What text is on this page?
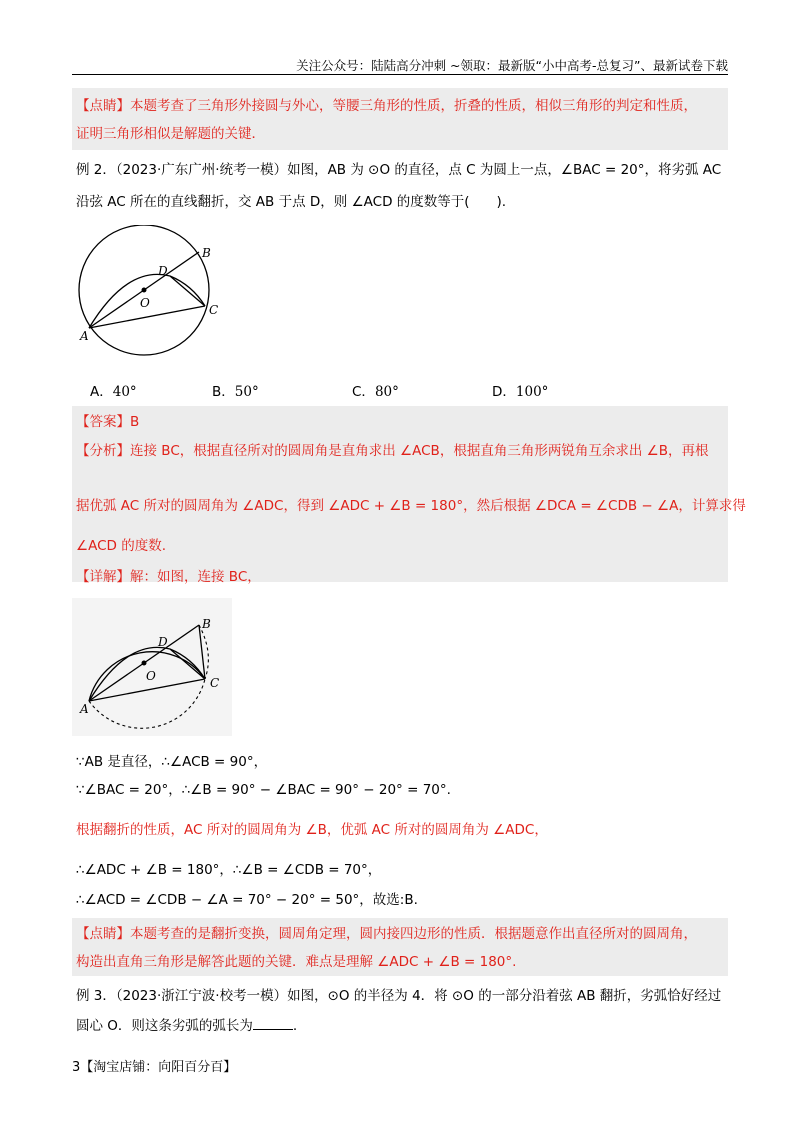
关注公众号：陆陆高分冲刺 ~领取：最新版“小中高考-总复习”、最新试卷下载
【点睛】本题考查了三角形外接圆与外心，等腰三角形的性质，折叠的性质，相似三角形的判定和性质，
证明三角形相似是解题的关键．
例 2．（2023·广东广州·统考一模）如图，AB 为 ⊙O 的直径，点 C 为圆上一点，∠BAC = 20°，将劣弧 AC
沿弦 AC 所在的直线翻折，交 AB 于点 D，则 ∠ACD 的度数等于(　　).
A
B
C
D
O
A．40°	B．50°	C．80°	D．100°
【答案】B
【分析】连接 BC，根据直径所对的圆周角是直角求出 ∠ACB，根据直角三角形两锐角互余求出 ∠B，再根
据优弧 AC 所对的圆周角为 ∠ADC，得到 ∠ADC + ∠B = 180°，然后根据 ∠DCA = ∠CDB − ∠A，计算求得
∠ACD 的度数.
【详解】解：如图，连接 BC，
A
B
C
D
O
∵AB 是直径，∴∠ACB = 90°，
∵∠BAC = 20°，∴∠B = 90° − ∠BAC = 90° − 20° = 70°.
根据翻折的性质，AC 所对的圆周角为 ∠B，优弧 AC 所对的圆周角为 ∠ADC，
∴∠ADC + ∠B = 180°，∴∠B = ∠CDB = 70°，
∴∠ACD = ∠CDB − ∠A = 70° − 20° = 50°，故选:B.
【点睛】本题考查的是翻折变换，圆周角定理，圆内接四边形的性质．根据题意作出直径所对的圆周角，
构造出直角三角形是解答此题的关键．难点是理解 ∠ADC + ∠B = 180°.
例 3．（2023·浙江宁波·校考一模）如图，⊙O 的半径为 4．将 ⊙O 的一部分沿着弦 AB 翻折，劣弧恰好经过
圆心 O．则这条劣弧的弧长为	.
3【淘宝店铺：向阳百分百】
